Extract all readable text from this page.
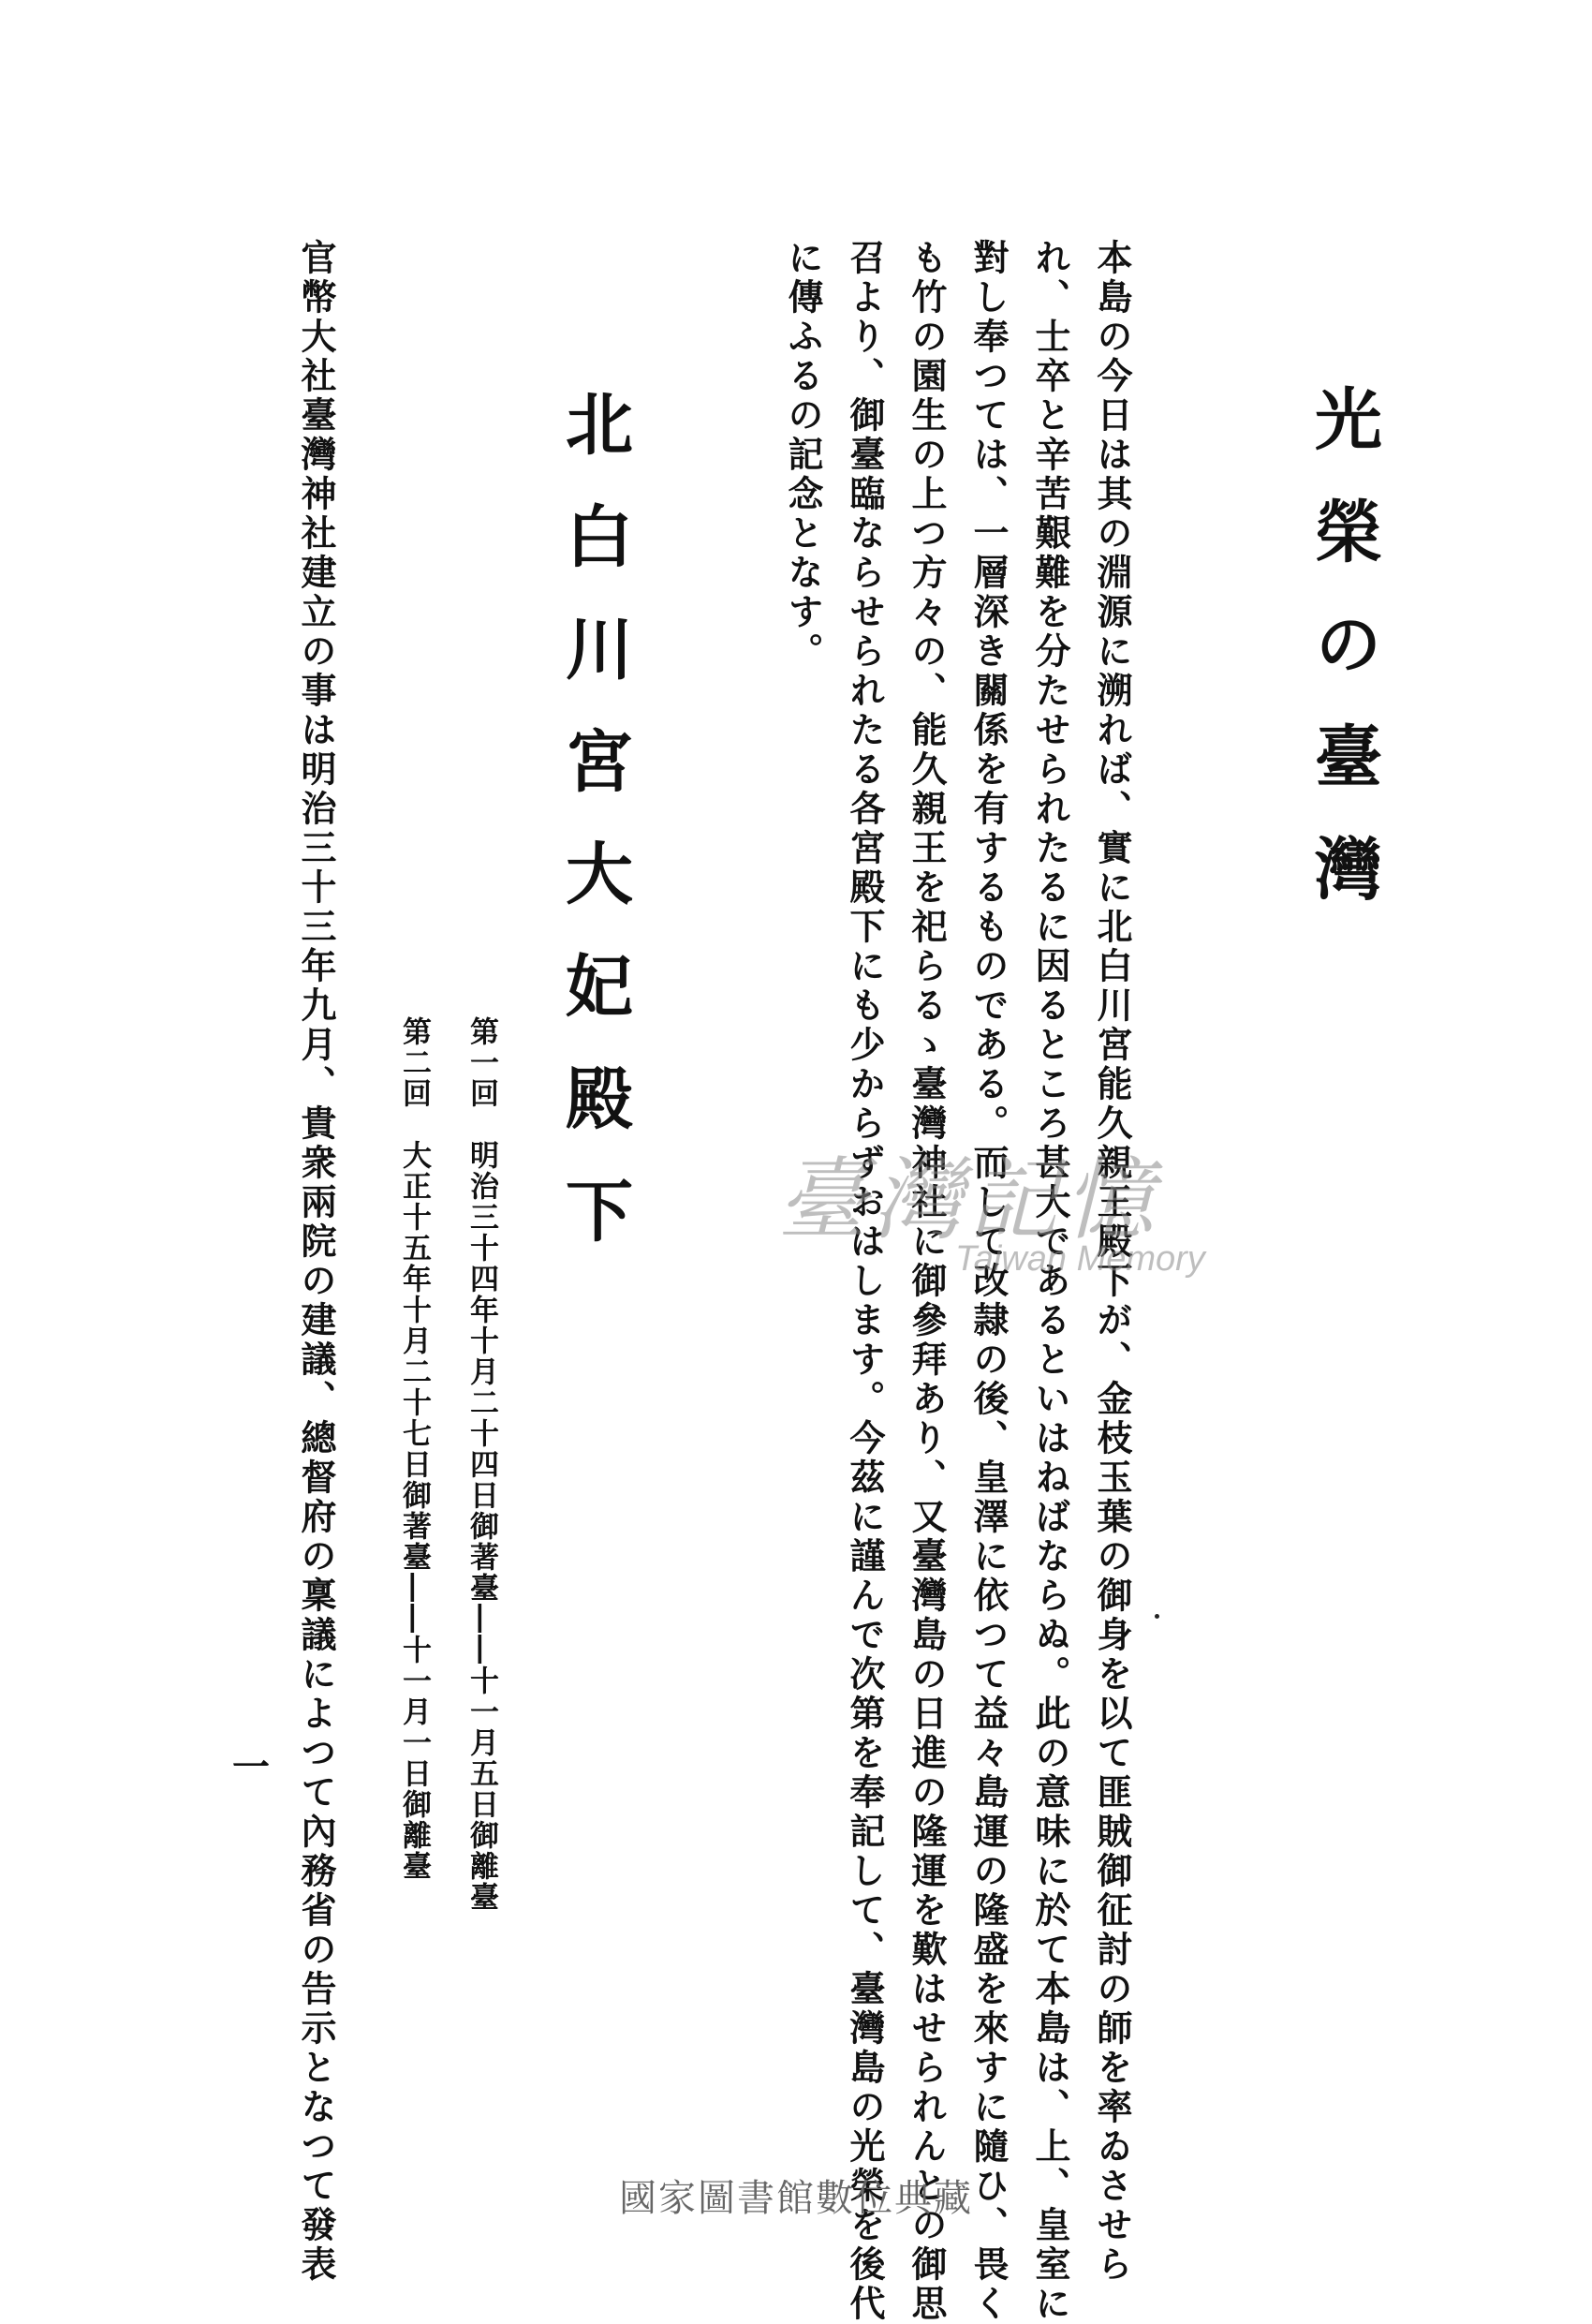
光榮の臺灣
本島の今日は其の淵源に溯れば、實に北白川宮能久親王殿下が、金枝玉葉の御身を以て匪賊御征討の師を率ゐさせら
れ、士卒と辛苦艱難を分たせられたるに因るところ甚大であるといはねばならぬ。此の意味に於て本島は、上、皇室に
對し奉つては、一層深き關係を有するものである。而して改隷の後、皇澤に依つて益々島運の隆盛を來すに隨ひ、畏く
も竹の園生の上つ方々の、能久親王を祀らるゝ臺灣神社に御參拜あり、又臺灣島の日進の隆運を歎はせられんとの御思
召より、御臺臨ならせられたる各宮殿下にも少からずおはします。今茲に謹んで次第を奉記して、臺灣島の光榮を後代
に傳ふるの記念となす。
北白川宮大妃殿下
第一回　明治三十四年十月二十四日御著臺――十一月五日御離臺
第二回　大正十五年十月二十七日御著臺――十一月一日御離臺
官幣大社臺灣神社建立の事は明治三十三年九月、貴衆兩院の建議、總督府の稟議によつて內務省の告示となつて發表
一
臺灣記憶
Taiwan Memory
國家圖書館數位典藏
